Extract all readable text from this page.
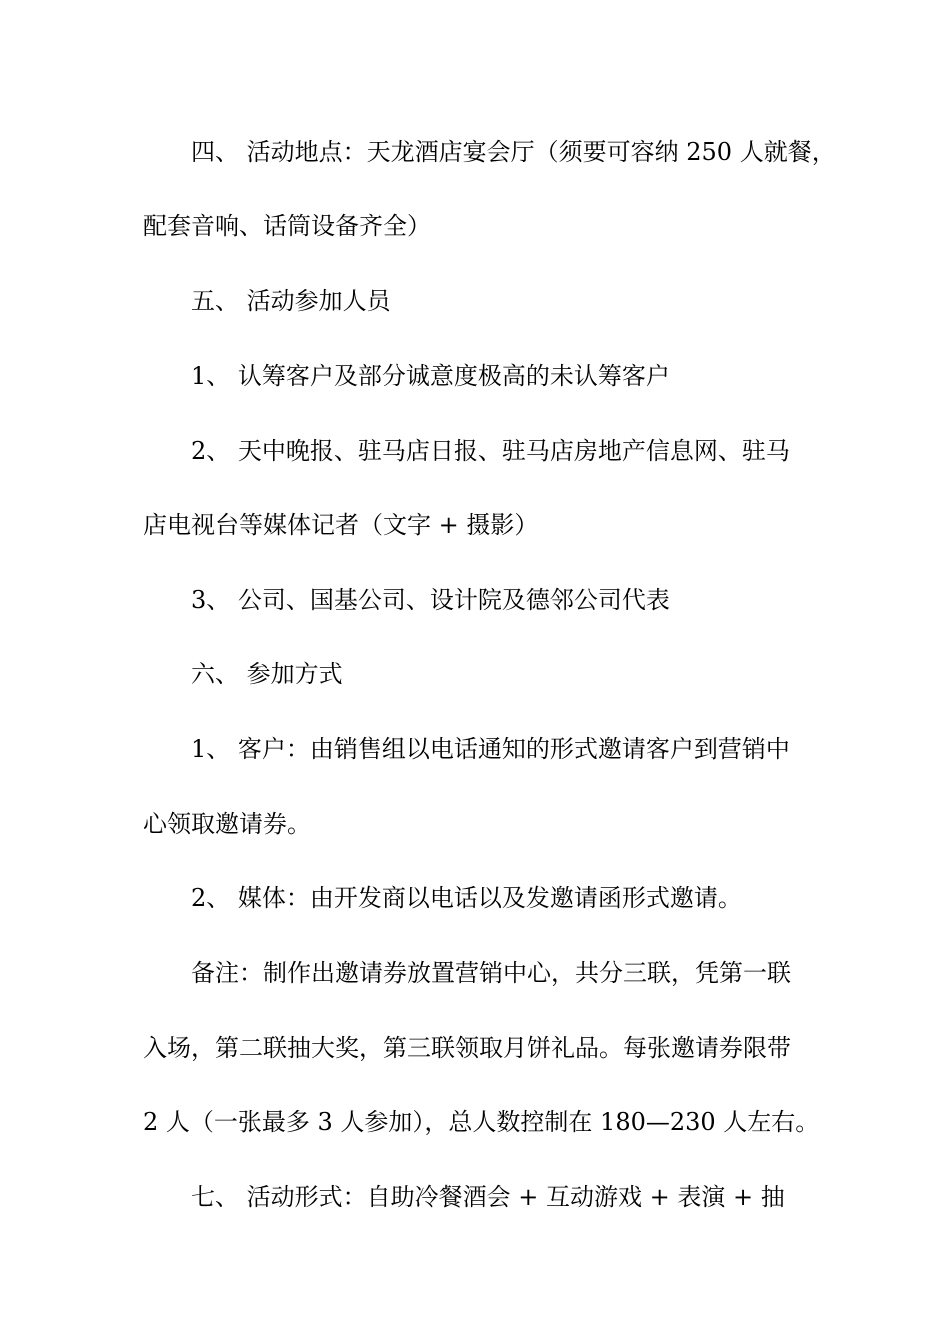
四、 活动地点：天龙酒店宴会厅（须要可容纳 250 人就餐，
配套音响、话筒设备齐全）
五、 活动参加人员
1、 认筹客户及部分诚意度极高的未认筹客户
2、 天中晚报、驻马店日报、驻马店房地产信息网、驻马
店电视台等媒体记者（文字 + 摄影）
3、 公司、国基公司、设计院及德邻公司代表
六、 参加方式
1、 客户：由销售组以电话通知的形式邀请客户到营销中
心领取邀请券。
2、 媒体：由开发商以电话以及发邀请函形式邀请。
备注：制作出邀请券放置营销中心，共分三联，凭第一联
入场，第二联抽大奖，第三联领取月饼礼品。每张邀请券限带
2 人（一张最多 3 人参加），总人数控制在 180—230 人左右。
七、 活动形式：自助冷餐酒会 + 互动游戏 + 表演 + 抽
